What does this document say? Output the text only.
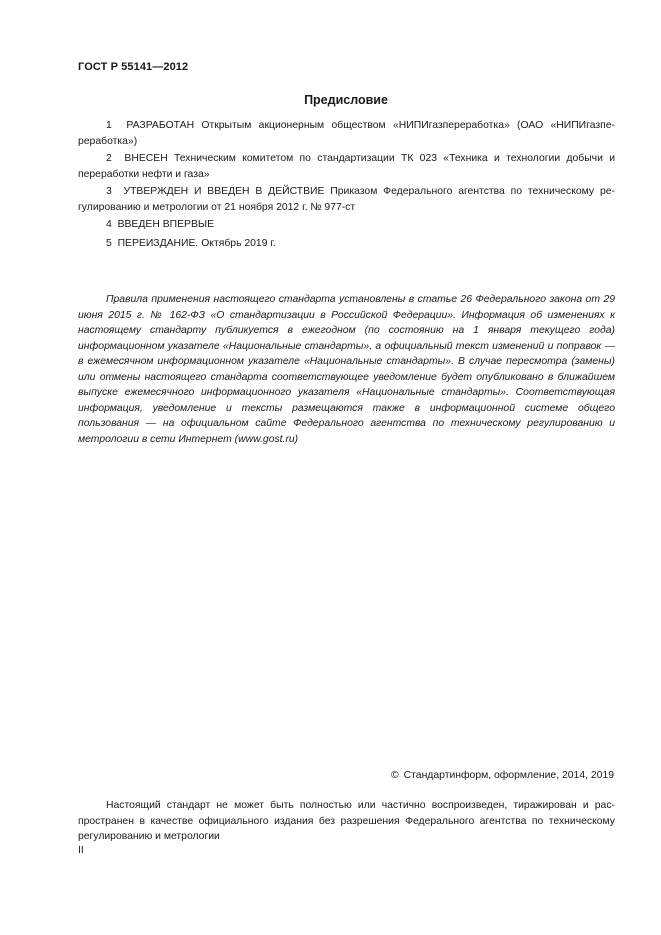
ГОСТ Р 55141—2012
Предисловие
1 РАЗРАБОТАН Открытым акционерным обществом «НИПИгазпереработка» (ОАО «НИПИгазпереработка»)
2 ВНЕСЕН Техническим комитетом по стандартизации ТК 023 «Техника и технологии добычи и переработки нефти и газа»
3 УТВЕРЖДЕН И ВВЕДЕН В ДЕЙСТВИЕ Приказом Федерального агентства по техническому регулированию и метрологии от 21 ноября 2012 г. № 977-ст
4 ВВЕДЕН ВПЕРВЫЕ
5 ПЕРЕИЗДАНИЕ. Октябрь 2019 г.
Правила применения настоящего стандарта установлены в статье 26 Федерального закона от 29 июня 2015 г. № 162-ФЗ «О стандартизации в Российской Федерации». Информация об изменениях к настоящему стандарту публикуется в ежегодном (по состоянию на 1 января текущего года) информационном указателе «Национальные стандарты», а официальный текст изменений и поправок — в ежемесячном информационном указателе «Национальные стандарты». В случае пересмотра (замены) или отмены настоящего стандарта соответствующее уведомление будет опубликовано в ближайшем выпуске ежемесячного информационного указателя «Национальные стандарты». Соответствующая информация, уведомление и тексты размещаются также в информационной системе общего пользования — на официальном сайте Федерального агентства по техническому регулированию и метрологии в сети Интернет (www.gost.ru)
© Стандартинформ, оформление, 2014, 2019
Настоящий стандарт не может быть полностью или частично воспроизведен, тиражирован и распространен в качестве официального издания без разрешения Федерального агентства по техническому регулированию и метрологии
II
